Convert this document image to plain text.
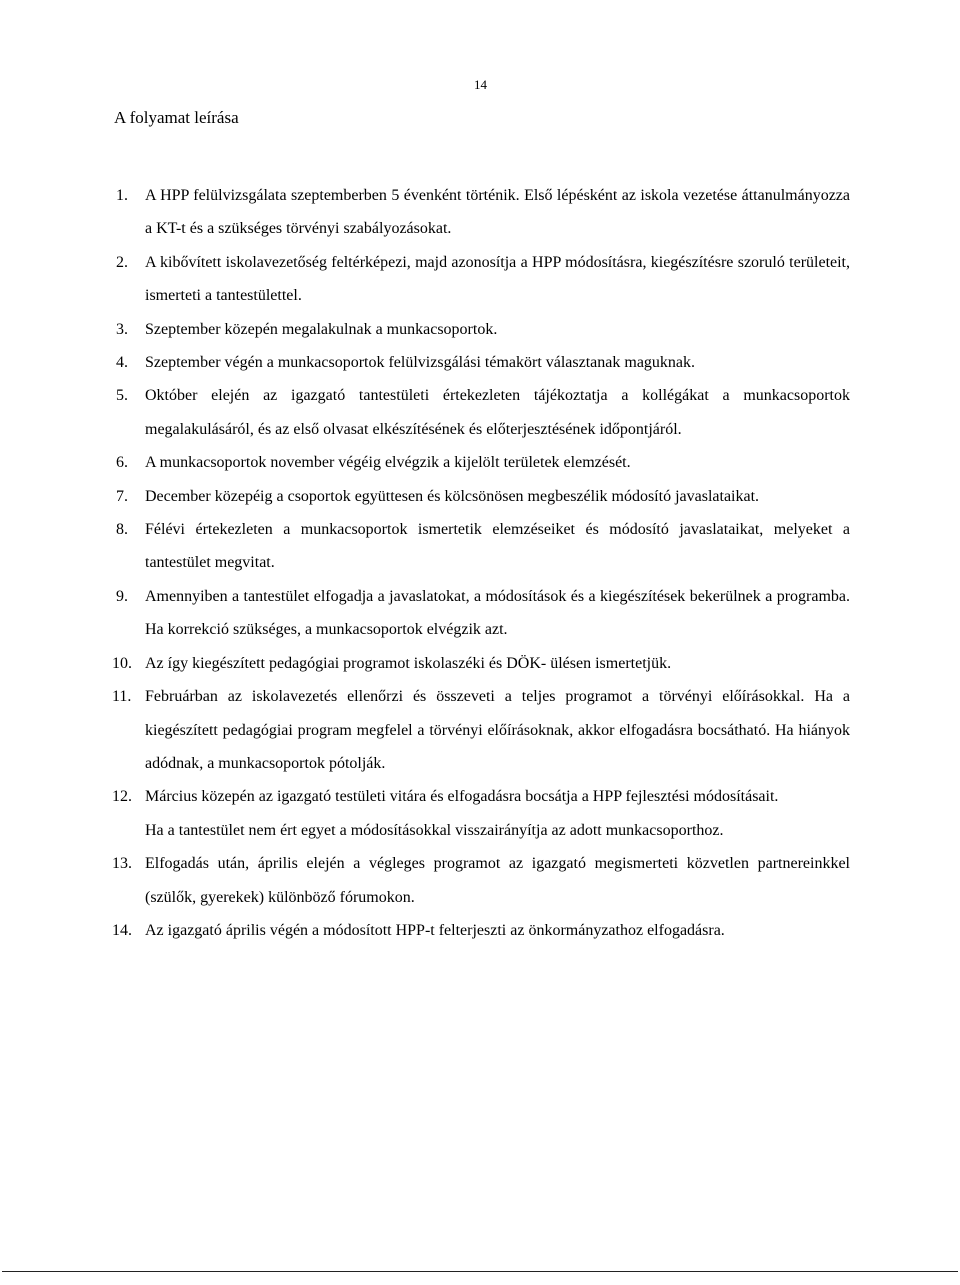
14
A folyamat leírása
1. A HPP felülvizsgálata szeptemberben 5 évenként történik. Első lépésként az iskola vezetése áttanulmányozza a KT-t és a szükséges törvényi szabályozásokat.
2. A kibővített iskolavezetőség feltérképezi, majd azonosítja a HPP módosításra, kiegészítésre szoruló területeit, ismerteti a tantestülettel.
3. Szeptember közepén megalakulnak a munkacsoportok.
4. Szeptember végén a munkacsoportok felülvizsgálási témakört választanak maguknak.
5. Október elején az igazgató tantestületi értekezleten tájékoztatja a kollégákat a munkacsoportok megalakulásáról, és az első olvasat elkészítésének és előterjesztésének időpontjáról.
6. A munkacsoportok november végéig elvégzik a kijelölt területek elemzését.
7. December közepéig a csoportok együttesen és kölcsönösen megbeszélik módosító javaslataikat.
8. Félévi értekezleten a munkacsoportok ismertetik elemzéseiket és módosító javaslataikat, melyeket a tantestület megvitat.
9. Amennyiben a tantestület elfogadja a javaslatokat, a módosítások és a kiegészítések bekerülnek a programba. Ha korrekció szükséges, a munkacsoportok elvégzik azt.
10. Az így kiegészített pedagógiai programot iskolaszéki és DÖK- ülésen ismertetjük.
11. Februárban az iskolavezetés ellenőrzi és összeveti a teljes programot a törvényi előírásokkal. Ha a kiegészített pedagógiai program megfelel a törvényi előírásoknak, akkor elfogadásra bocsátható. Ha hiányok adódnak, a munkacsoportok pótolják.
12. Március közepén az igazgató testületi vitára és elfogadásra bocsátja a HPP fejlesztési módosításait.
Ha a tantestület nem ért egyet a módosításokkal visszairányítja az adott munkacsoporthoz.
13. Elfogadás után, április elején a végleges programot az igazgató megismerteti közvetlen partnereinkkel (szülők, gyerekek) különböző fórumokon.
14. Az igazgató április végén a módosított HPP-t felterjeszti az önkormányzathoz elfogadásra.
